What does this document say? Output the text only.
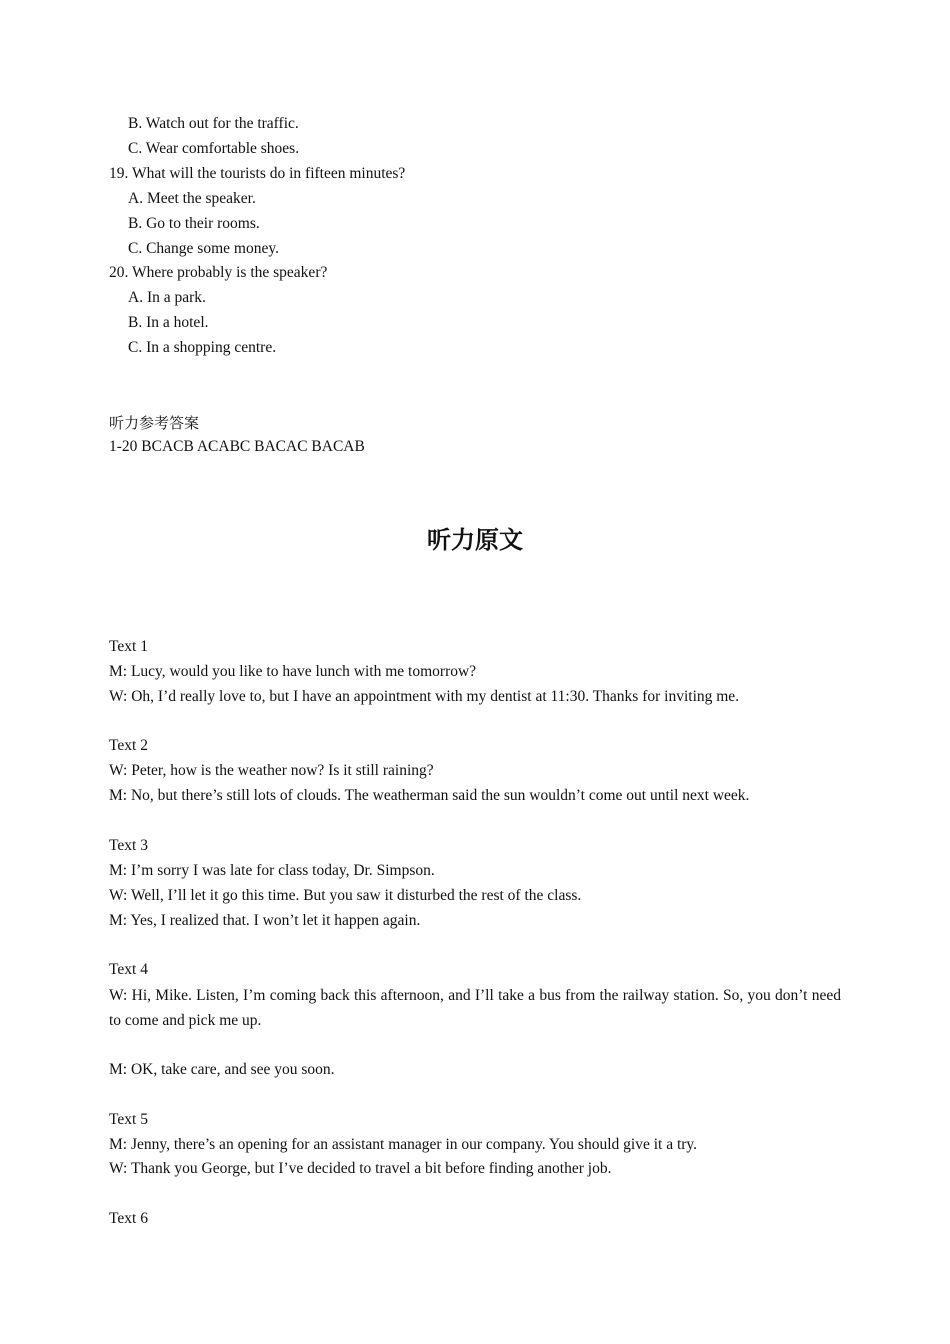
B. Watch out for the traffic.
C. Wear comfortable shoes.
19. What will the tourists do in fifteen minutes?
A. Meet the speaker.
B. Go to their rooms.
C. Change some money.
20. Where probably is the speaker?
A. In a park.
B. In a hotel.
C. In a shopping centre.
听力参考答案
1-20 BCACB ACABC BACAC BACAB
听力原文
Text 1
M: Lucy, would you like to have lunch with me tomorrow?
W: Oh, I’d really love to, but I have an appointment with my dentist at 11:30. Thanks for inviting me.
Text 2
W: Peter, how is the weather now? Is it still raining?
M: No, but there’s still lots of clouds. The weatherman said the sun wouldn’t come out until next week.
Text 3
M: I’m sorry I was late for class today, Dr. Simpson.
W: Well, I’ll let it go this time. But you saw it disturbed the rest of the class.
M: Yes, I realized that. I won’t let it happen again.
Text 4
W: Hi, Mike. Listen, I’m coming back this afternoon, and I’ll take a bus from the railway station. So, you don’t need to come and pick me up.
M: OK, take care, and see you soon.
Text 5
M: Jenny, there’s an opening for an assistant manager in our company. You should give it a try.
W: Thank you George, but I’ve decided to travel a bit before finding another job.
Text 6
